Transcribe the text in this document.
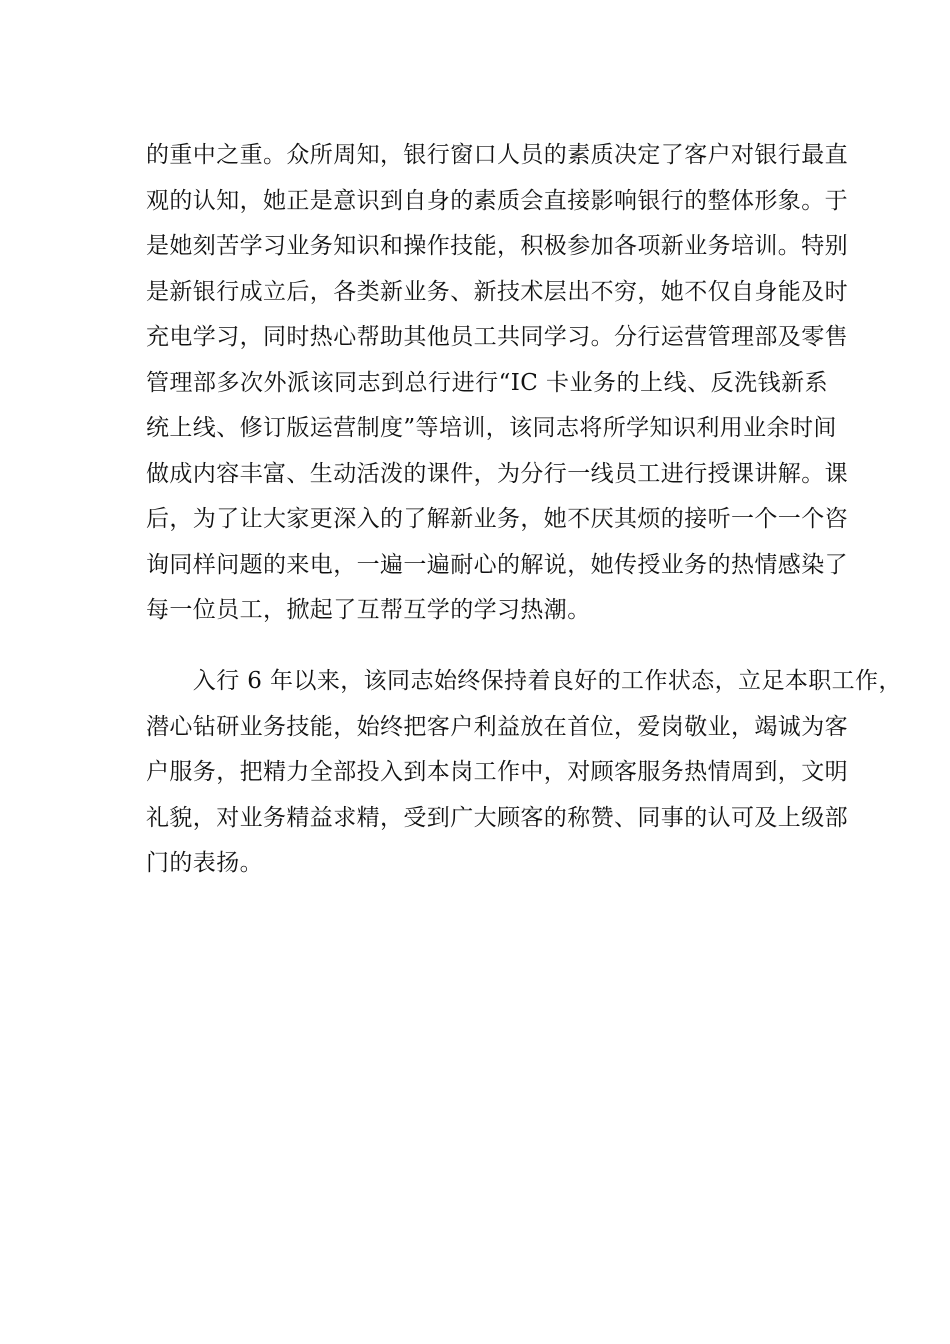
的重中之重。众所周知，银行窗口人员的素质决定了客户对银行最直
观的认知，她正是意识到自身的素质会直接影响银行的整体形象。于
是她刻苦学习业务知识和操作技能，积极参加各项新业务培训。特别
是新银行成立后，各类新业务、新技术层出不穷，她不仅自身能及时
充电学习，同时热心帮助其他员工共同学习。分行运营管理部及零售
管理部多次外派该同志到总行进行“IC 卡业务的上线、反洗钱新系
统上线、修订版运营制度”等培训，该同志将所学知识利用业余时间
做成内容丰富、生动活泼的课件，为分行一线员工进行授课讲解。课
后，为了让大家更深入的了解新业务，她不厌其烦的接听一个一个咨
询同样问题的来电，一遍一遍耐心的解说，她传授业务的热情感染了
每一位员工，掀起了互帮互学的学习热潮。
　　入行 6 年以来，该同志始终保持着良好的工作状态，立足本职工作，
潜心钻研业务技能，始终把客户利益放在首位，爱岗敬业，竭诚为客
户服务，把精力全部投入到本岗工作中，对顾客服务热情周到，文明
礼貌，对业务精益求精，受到广大顾客的称赞、同事的认可及上级部
门的表扬。
